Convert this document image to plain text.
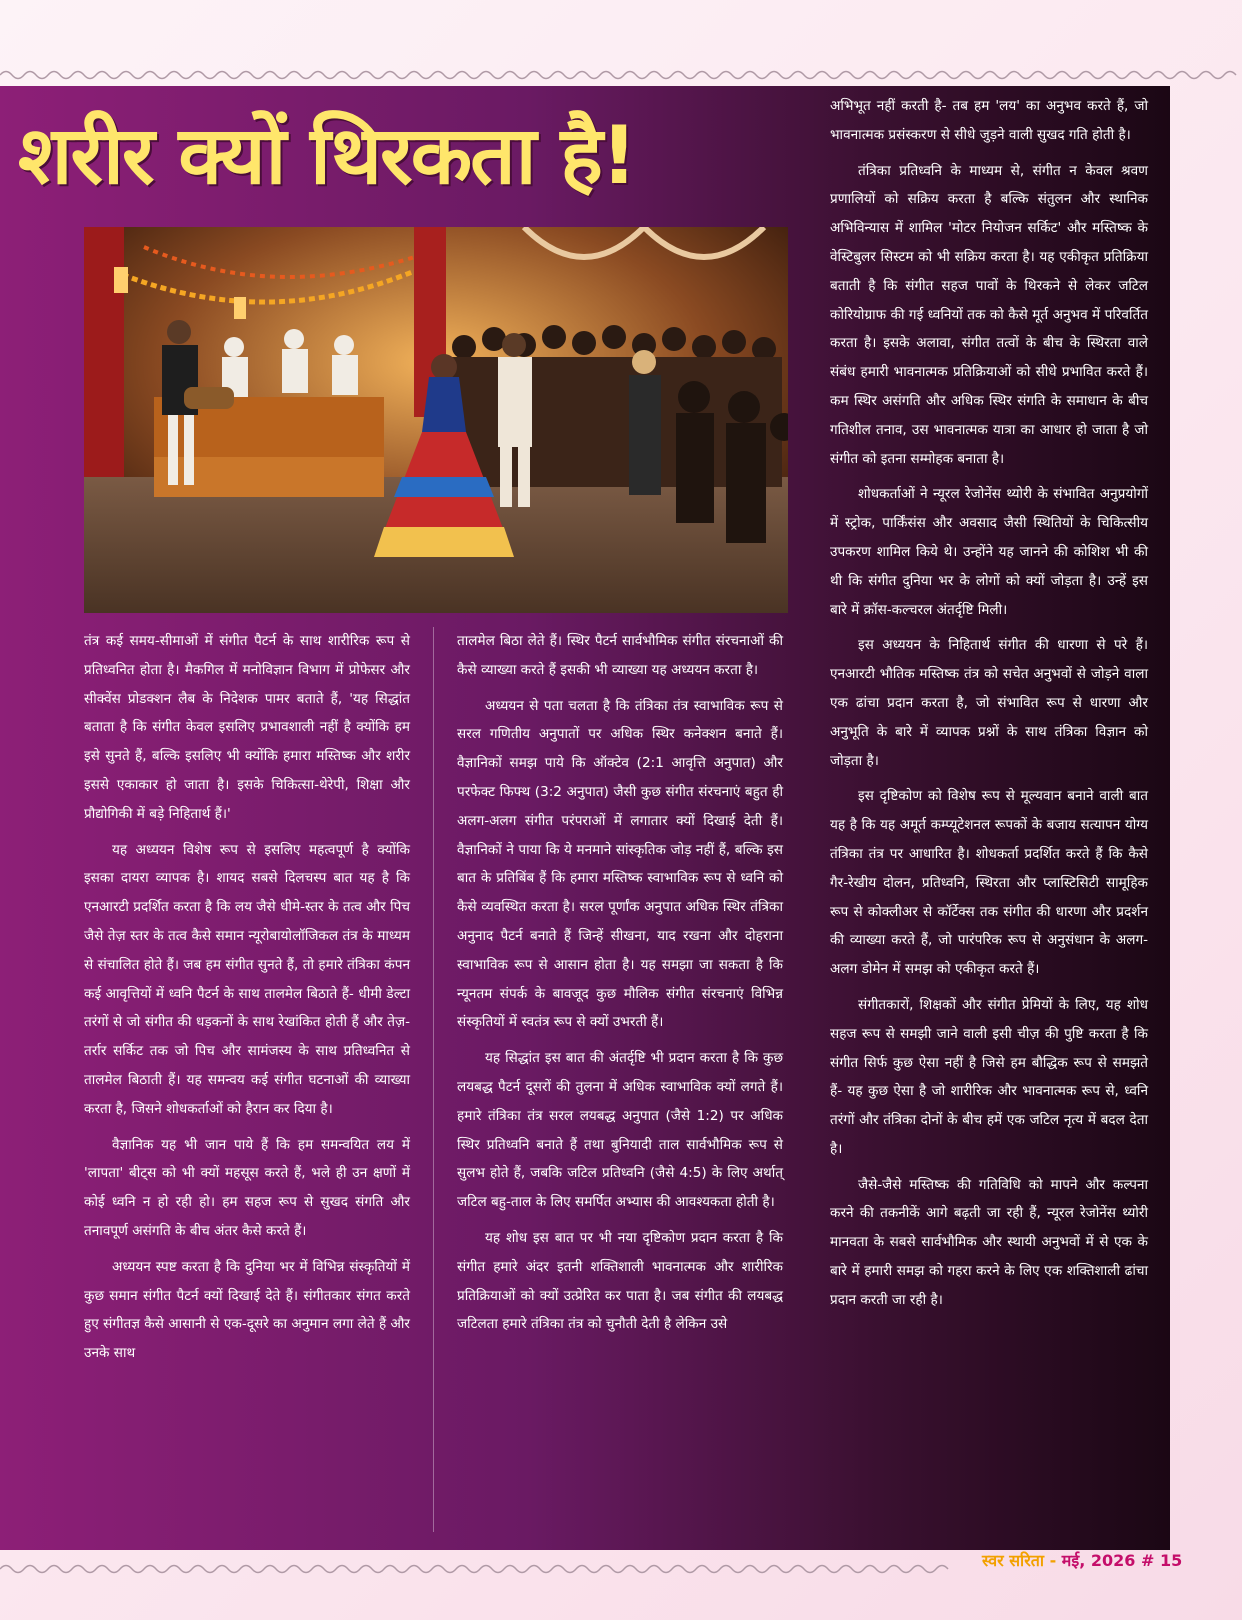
शरीर क्यों थिरकता है!

तंत्र कई समय-सीमाओं में संगीत पैटर्न के साथ शारीरिक रूप से प्रतिध्वनित होता है। मैकगिल में मनोविज्ञान विभाग में प्रोफेसर और सीक्वेंस प्रोडक्शन लैब के निदेशक पामर बताते हैं, 'यह सिद्धांत बताता है कि संगीत केवल इसलिए प्रभावशाली नहीं है क्योंकि हम इसे सुनते हैं, बल्कि इसलिए भी क्योंकि हमारा मस्तिष्क और शरीर इससे एकाकार हो जाता है। इसके चिकित्सा-थेरेपी, शिक्षा और प्रौद्योगिकी में बड़े निहितार्थ हैं।'

यह अध्ययन विशेष रूप से इसलिए महत्वपूर्ण है क्योंकि इसका दायरा व्यापक है। शायद सबसे दिलचस्प बात यह है कि एनआरटी प्रदर्शित करता है कि लय जैसे धीमे-स्तर के तत्व और पिच जैसे तेज़ स्तर के तत्व कैसे समान न्यूरोबायोलॉजिकल तंत्र के माध्यम से संचालित होते हैं। जब हम संगीत सुनते हैं, तो हमारे तंत्रिका कंपन कई आवृत्तियों में ध्वनि पैटर्न के साथ तालमेल बिठाते हैं- धीमी डेल्टा तरंगों से जो संगीत की धड़कनों के साथ रेखांकित होती हैं और तेज़-तर्रार सर्किट तक जो पिच और सामंजस्य के साथ प्रतिध्वनित से तालमेल बिठाती हैं। यह समन्वय कई संगीत घटनाओं की व्याख्या करता है, जिसने शोधकर्ताओं को हैरान कर दिया है।

वैज्ञानिक यह भी जान पाये हैं कि हम समन्वयित लय में 'लापता' बीट्स को भी क्यों महसूस करते हैं, भले ही उन क्षणों में कोई ध्वनि न हो रही हो। हम सहज रूप से सुखद संगति और तनावपूर्ण असंगति के बीच अंतर कैसे करते हैं।

अध्ययन स्पष्ट करता है कि दुनिया भर में विभिन्न संस्कृतियों में कुछ समान संगीत पैटर्न क्यों दिखाई देते हैं। संगीतकार संगत करते हुए संगीतज्ञ कैसे आसानी से एक-दूसरे का अनुमान लगा लेते हैं और उनके साथ

तालमेल बिठा लेते हैं। स्थिर पैटर्न सार्वभौमिक संगीत संरचनाओं की कैसे व्याख्या करते हैं इसकी भी व्याख्या यह अध्ययन करता है।

अध्ययन से पता चलता है कि तंत्रिका तंत्र स्वाभाविक रूप से सरल गणितीय अनुपातों पर अधिक स्थिर कनेक्शन बनाते हैं। वैज्ञानिकों समझ पाये कि ऑक्टेव (2:1 आवृत्ति अनुपात) और परफेक्ट फिफ्थ (3:2 अनुपात) जैसी कुछ संगीत संरचनाएं बहुत ही अलग-अलग संगीत परंपराओं में लगातार क्यों दिखाई देती हैं। वैज्ञानिकों ने पाया कि ये मनमाने सांस्कृतिक जोड़ नहीं हैं, बल्कि इस बात के प्रतिबिंब हैं कि हमारा मस्तिष्क स्वाभाविक रूप से ध्वनि को कैसे व्यवस्थित करता है। सरल पूर्णांक अनुपात अधिक स्थिर तंत्रिका अनुनाद पैटर्न बनाते हैं जिन्हें सीखना, याद रखना और दोहराना स्वाभाविक रूप से आसान होता है। यह समझा जा सकता है कि न्यूनतम संपर्क के बावजूद कुछ मौलिक संगीत संरचनाएं विभिन्न संस्कृतियों में स्वतंत्र रूप से क्यों उभरती हैं।

यह सिद्धांत इस बात की अंतर्दृष्टि भी प्रदान करता है कि कुछ लयबद्ध पैटर्न दूसरों की तुलना में अधिक स्वाभाविक क्यों लगते हैं। हमारे तंत्रिका तंत्र सरल लयबद्ध अनुपात (जैसे 1:2) पर अधिक स्थिर प्रतिध्वनि बनाते हैं तथा बुनियादी ताल सार्वभौमिक रूप से सुलभ होते हैं, जबकि जटिल प्रतिध्वनि (जैसे 4:5) के लिए अर्थात् जटिल बहु-ताल के लिए समर्पित अभ्यास की आवश्यकता होती है।

यह शोध इस बात पर भी नया दृष्टिकोण प्रदान करता है कि संगीत हमारे अंदर इतनी शक्तिशाली भावनात्मक और शारीरिक प्रतिक्रियाओं को क्यों उत्प्रेरित कर पाता है। जब संगीत की लयबद्ध जटिलता हमारे तंत्रिका तंत्र को चुनौती देती है लेकिन उसे

अभिभूत नहीं करती है- तब हम 'लय' का अनुभव करते हैं, जो भावनात्मक प्रसंस्करण से सीधे जुड़ने वाली सुखद गति होती है।

तंत्रिका प्रतिध्वनि के माध्यम से, संगीत न केवल श्रवण प्रणालियों को सक्रिय करता है बल्कि संतुलन और स्थानिक अभिविन्यास में शामिल 'मोटर नियोजन सर्किट' और मस्तिष्क के वेस्टिबुलर सिस्टम को भी सक्रिय करता है। यह एकीकृत प्रतिक्रिया बताती है कि संगीत सहज पावों के थिरकने से लेकर जटिल कोरियोग्राफ की गई ध्वनियों तक को कैसे मूर्त अनुभव में परिवर्तित करता है। इसके अलावा, संगीत तत्वों के बीच के स्थिरता वाले संबंध हमारी भावनात्मक प्रतिक्रियाओं को सीधे प्रभावित करते हैं। कम स्थिर असंगति और अधिक स्थिर संगति के समाधान के बीच गतिशील तनाव, उस भावनात्मक यात्रा का आधार हो जाता है जो संगीत को इतना सम्मोहक बनाता है।

शोधकर्ताओं ने न्यूरल रेजोनेंस थ्योरी के संभावित अनुप्रयोगों में स्ट्रोक, पार्किंसंस और अवसाद जैसी स्थितियों के चिकित्सीय उपकरण शामिल किये थे। उन्होंने यह जानने की कोशिश भी की थी कि संगीत दुनिया भर के लोगों को क्यों जोड़ता है। उन्हें इस बारे में क्रॉस-कल्चरल अंतर्दृष्टि मिली।

इस अध्ययन के निहितार्थ संगीत की धारणा से परे हैं। एनआरटी भौतिक मस्तिष्क तंत्र को सचेत अनुभवों से जोड़ने वाला एक ढांचा प्रदान करता है, जो संभावित रूप से धारणा और अनुभूति के बारे में व्यापक प्रश्नों के साथ तंत्रिका विज्ञान को जोड़ता है।

इस दृष्टिकोण को विशेष रूप से मूल्यवान बनाने वाली बात यह है कि यह अमूर्त कम्प्यूटेशनल रूपकों के बजाय सत्यापन योग्य तंत्रिका तंत्र पर आधारित है। शोधकर्ता प्रदर्शित करते हैं कि कैसे गैर-रेखीय दोलन, प्रतिध्वनि, स्थिरता और प्लास्टिसिटी सामूहिक रूप से कोक्लीअर से कॉर्टेक्स तक संगीत की धारणा और प्रदर्शन की व्याख्या करते हैं, जो पारंपरिक रूप से अनुसंधान के अलग-अलग डोमेन में समझ को एकीकृत करते हैं।

संगीतकारों, शिक्षकों और संगीत प्रेमियों के लिए, यह शोध सहज रूप से समझी जाने वाली इसी चीज़ की पुष्टि करता है कि संगीत सिर्फ कुछ ऐसा नहीं है जिसे हम बौद्धिक रूप से समझते हैं- यह कुछ ऐसा है जो शारीरिक और भावनात्मक रूप से, ध्वनि तरंगों और तंत्रिका दोनों के बीच हमें एक जटिल नृत्य में बदल देता है।

जैसे-जैसे मस्तिष्क की गतिविधि को मापने और कल्पना करने की तकनीकें आगे बढ़ती जा रही हैं, न्यूरल रेजोनेंस थ्योरी मानवता के सबसे सार्वभौमिक और स्थायी अनुभवों में से एक के बारे में हमारी समझ को गहरा करने के लिए एक शक्तिशाली ढांचा प्रदान करती जा रही है।

स्वर सरिता - मई, 2026 # 15
